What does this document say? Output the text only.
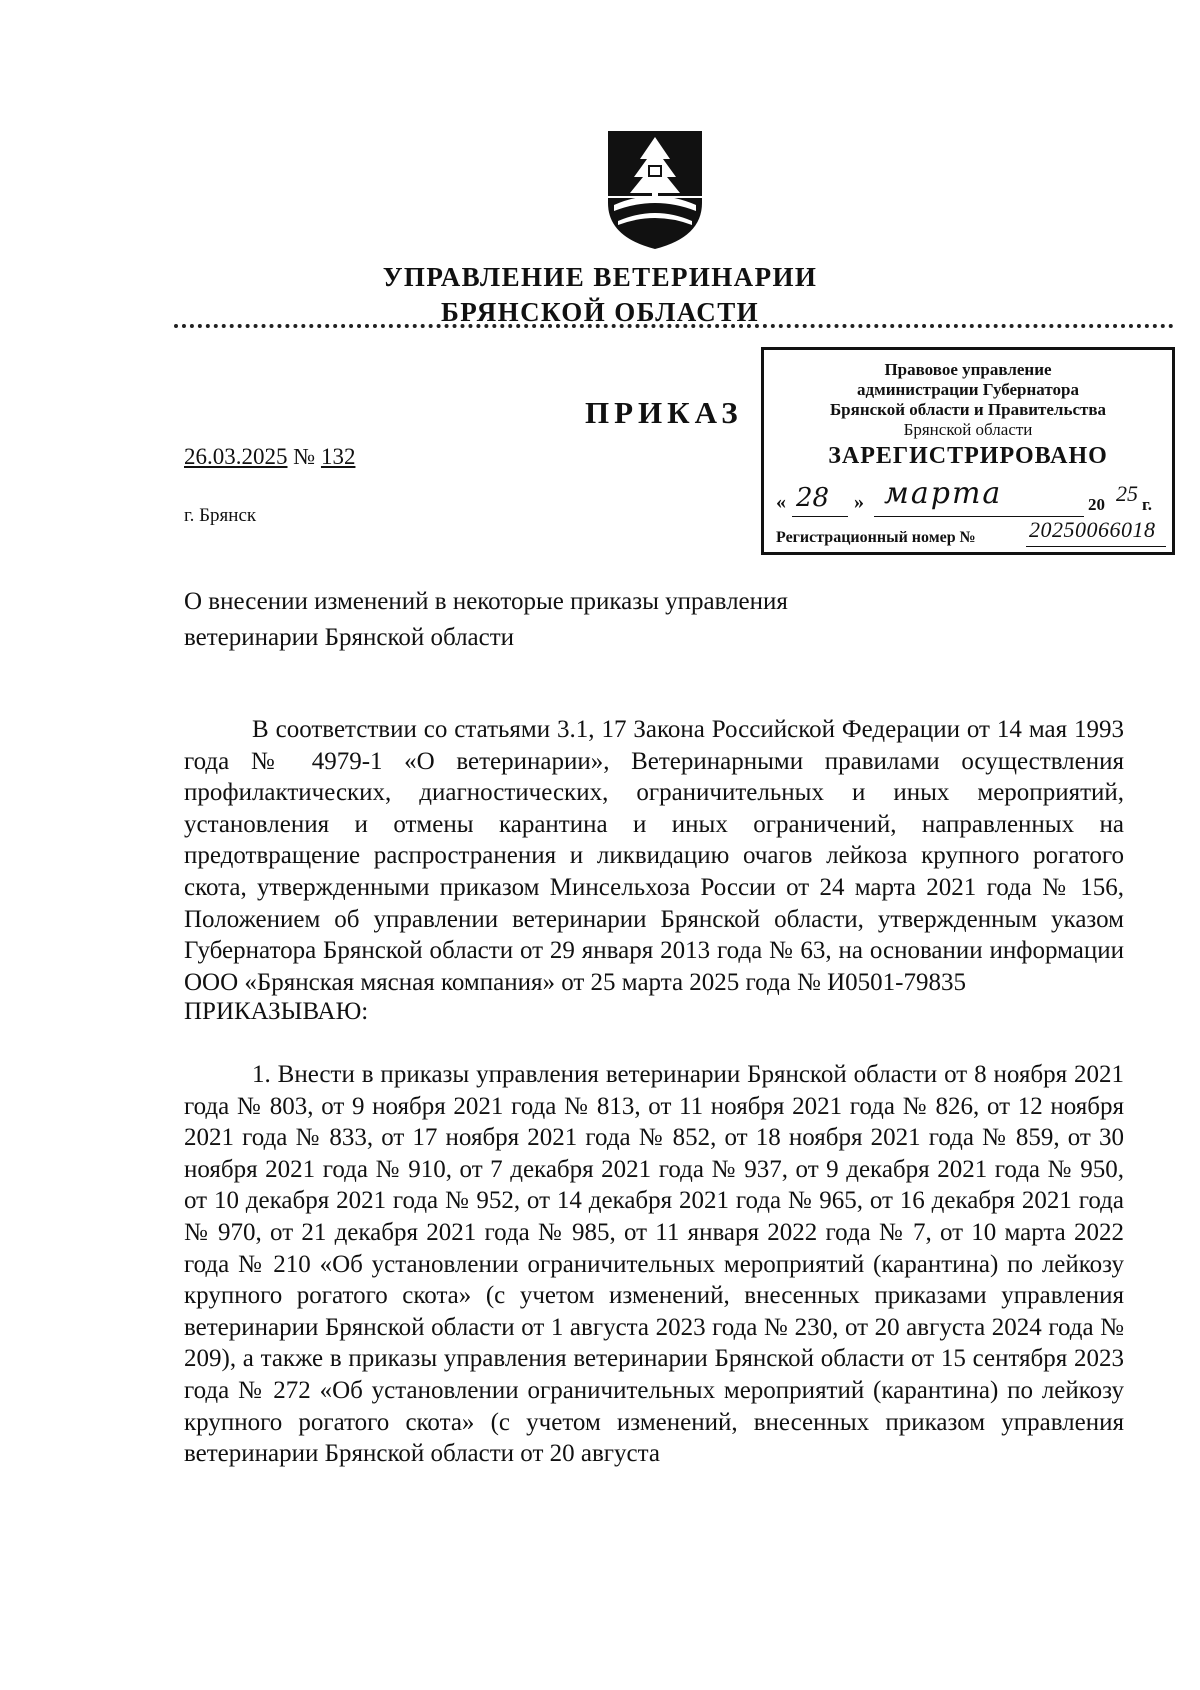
УПРАВЛЕНИЕ ВЕТЕРИНАРИИ
БРЯНСКОЙ ОБЛАСТИ
Правовое управление
администрации Губернатора
Брянской области и Правительства
Брянской области
ЗАРЕГИСТРИРОВАНО
« 28 » марта	20 25 г.
Регистрационный номер № 20250066018
ПРИКАЗ
26.03.2025 № 132
г. Брянск
О внесении изменений в некоторые приказы управления ветеринарии Брянской области
В соответствии со статьями 3.1, 17 Закона Российской Федерации от 14 мая 1993 года № 4979-1 «О ветеринарии», Ветеринарными правилами осуществления профилактических, диагностических, ограничительных и иных мероприятий, установления и отмены карантина и иных ограничений, направленных на предотвращение распространения и ликвидацию очагов лейкоза крупного рогатого скота, утвержденными приказом Минсельхоза России от 24 марта 2021 года № 156, Положением об управлении ветеринарии Брянской области, утвержденным указом Губернатора Брянской области от 29 января 2013 года № 63, на основании информации ООО «Брянская мясная компания» от 25 марта 2025 года № И0501-79835
ПРИКАЗЫВАЮ:
1. Внести в приказы управления ветеринарии Брянской области от 8 ноября 2021 года № 803, от 9 ноября 2021 года № 813, от 11 ноября 2021 года № 826, от 12 ноября 2021 года № 833, от 17 ноября 2021 года № 852, от 18 ноября 2021 года № 859, от 30 ноября 2021 года № 910, от 7 декабря 2021 года № 937, от 9 декабря 2021 года № 950, от 10 декабря 2021 года № 952, от 14 декабря 2021 года № 965, от 16 декабря 2021 года № 970, от 21 декабря 2021 года № 985, от 11 января 2022 года № 7, от 10 марта 2022 года № 210 «Об установлении ограничительных мероприятий (карантина) по лейкозу крупного рогатого скота» (с учетом изменений, внесенных приказами управления ветеринарии Брянской области от 1 августа 2023 года № 230, от 20 августа 2024 года № 209), а также в приказы управления ветеринарии Брянской области от 15 сентября 2023 года № 272 «Об установлении ограничительных мероприятий (карантина) по лейкозу крупного рогатого скота» (с учетом изменений, внесенных приказом управления ветеринарии Брянской области от 20 августа
